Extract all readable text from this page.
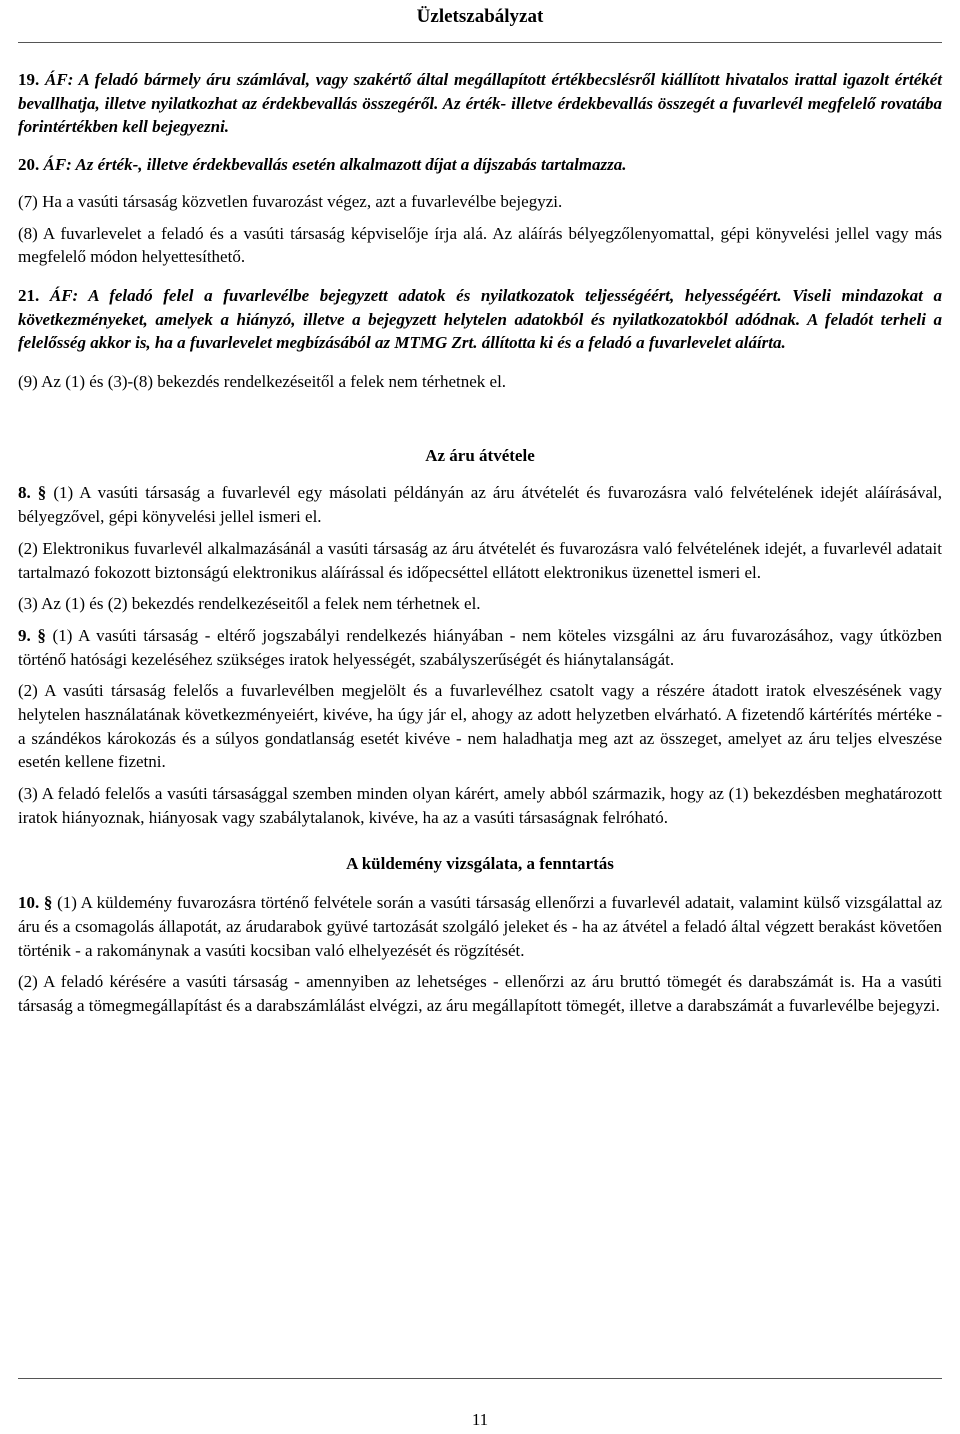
Üzletszabályzat

19. ÁF: A feladó bármely áru számlával, vagy szakértő által megállapított értékbecslésről kiállított hivatalos irattal igazolt értékét bevallhatja, illetve nyilatkozhat az érdekbevallás összegéről. Az érték- illetve érdekbevallás összegét a fuvarlevél megfelelő rovatába forintértékben kell bejegyezni.

20. ÁF: Az érték-, illetve érdekbevallás esetén alkalmazott díjat a díjszabás tartalmazza.

(7) Ha a vasúti társaság közvetlen fuvarozást végez, azt a fuvarlevélbe bejegyzi.

(8) A fuvarlevelet a feladó és a vasúti társaság képviselője írja alá. Az aláírás bélyegzőlenyomattal, gépi könyvelési jellel vagy más megfelelő módon helyettesíthető.

21. ÁF: A feladó felel a fuvarlevélbe bejegyzett adatok és nyilatkozatok teljességéért, helyességéért. Viseli mindazokat a következményeket, amelyek a hiányzó, illetve a bejegyzett helytelen adatokból és nyilatkozatokból adódnak. A feladót terheli a felelősség akkor is, ha a fuvarlevelet megbízásából az MTMG Zrt. állította ki és a feladó a fuvarlevelet aláírta.

(9) Az (1) és (3)-(8) bekezdés rendelkezéseitől a felek nem térhetnek el.

Az áru átvétele

8. § (1) A vasúti társaság a fuvarlevél egy másolati példányán az áru átvételét és fuvarozásra való felvételének idejét aláírásával, bélyegzővel, gépi könyvelési jellel ismeri el.

(2) Elektronikus fuvarlevél alkalmazásánál a vasúti társaság az áru átvételét és fuvarozásra való felvételének idejét, a fuvarlevél adatait tartalmazó fokozott biztonságú elektronikus aláírással és időpecséttel ellátott elektronikus üzenettel ismeri el.

(3) Az (1) és (2) bekezdés rendelkezéseitől a felek nem térhetnek el.

9. § (1) A vasúti társaság - eltérő jogszabályi rendelkezés hiányában - nem köteles vizsgálni az áru fuvarozásához, vagy útközben történő hatósági kezeléséhez szükséges iratok helyességét, szabályszerűségét és hiánytalanságát.

(2) A vasúti társaság felelős a fuvarlevélben megjelölt és a fuvarlevélhez csatolt vagy a részére átadott iratok elveszésének vagy helytelen használatának következményeiért, kivéve, ha úgy jár el, ahogy az adott helyzetben elvárható. A fizetendő kártérítés mértéke - a szándékos károkozás és a súlyos gondatlanság esetét kivéve - nem haladhatja meg azt az összeget, amelyet az áru teljes elveszése esetén kellene fizetni.

(3) A feladó felelős a vasúti társasággal szemben minden olyan kárért, amely abból származik, hogy az (1) bekezdésben meghatározott iratok hiányoznak, hiányosak vagy szabálytalanok, kivéve, ha az a vasúti társaságnak felróható.

A küldemény vizsgálata, a fenntartás

10. § (1) A küldemény fuvarozásra történő felvétele során a vasúti társaság ellenőrzi a fuvarlevél adatait, valamint külső vizsgálattal az áru és a csomagolás állapotát, az árudarabok gyüvé tartozását szolgáló jeleket és - ha az átvétel a feladó által végzett berakást követően történik - a rakománynak a vasúti kocsiban való elhelyezését és rögzítését.

(2) A feladó kérésére a vasúti társaság - amennyiben az lehetséges - ellenőrzi az áru bruttó tömegét és darabszámát is. Ha a vasúti társaság a tömegmegállapítást és a darabszámlálást elvégzi, az áru megállapított tömegét, illetve a darabszámát a fuvarlevélbe bejegyzi.

11
